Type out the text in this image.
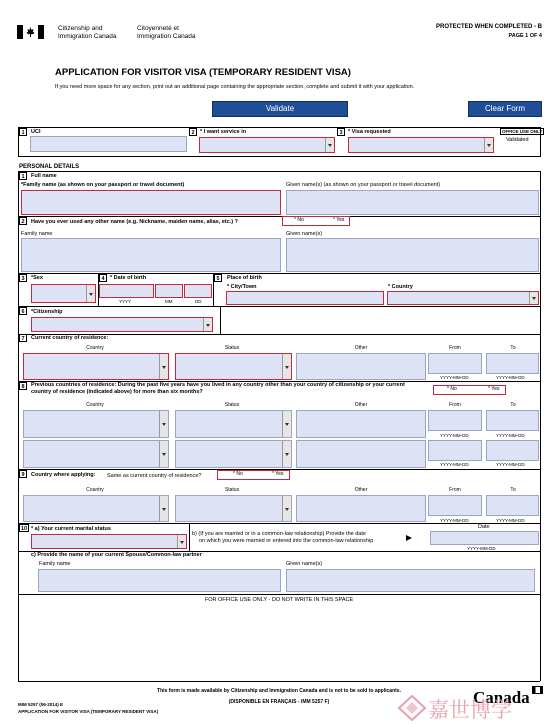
Citizenship and
Immigration Canada
Citoyenneté et
Immigration Canada
PROTECTED WHEN COMPLETED - B
PAGE 1 OF 4
APPLICATION FOR VISITOR VISA (TEMPORARY RESIDENT VISA)
If you need more space for any section, print out an additional page containing the appropriate section, complete and submit it with your application.
Validate	Clear Form
1	UCI	2 * I want service in	3 * Visa requested	OFFICE USE ONLY
Validated
PERSONAL DETAILS
1	Full name
*Family name (as shown on your passport or travel document)	Given name(s) (as shown on your passport or travel document)
2	Have you ever used any other name (e.g. Nickname, maiden name, alias, etc.) ?	* No	* Yes
Family name	Given name(s)
3	*Sex	4 * Date of birth
YYYY	MM	DD
5	Place of birth
* City/Town	* Country
6	*Citizenship
7	Current country of residence:
Country	Status	Other	From	To
YYYY-MM-DD	YYYY-MM-DD
8	Previous countries of residence: During the past five years have you lived in any country other than your country of citizenship or your current country of residence (indicated above) for more than six months?	* No	* Yes
Country	Status	Other	From	To
YYYY-MM-DD	YYYY-MM-DD
YYYY-MM-DD	YYYY-MM-DD
9	Country where applying: Same as current country of residence?	* No	* Yes
Country	Status	Other	From	To
YYYY-MM-DD	YYYY-MM-DD
10 * a) Your current marital status
b) (If you are married or in a common-law relationship) Provide the date
on which you were married or entered into the common-law relationship
Date
YYYY-MM-DD
c) Provide the name of your current Spouse/Common-law partner
Family name	Given name(s)
FOR OFFICE USE ONLY - DO NOT WRITE IN THIS SPACE
This form is made available by Citizenship and Immigration Canada and is not to be sold to applicants.
IMM 5257 (06-2014) E
APPLICATION FOR VISITOR VISA (TEMPORARY RESIDENT VISA)
(DISPONIBLE EN FRANÇAIS - IMM 5257 F)	Canada
嘉世博学
